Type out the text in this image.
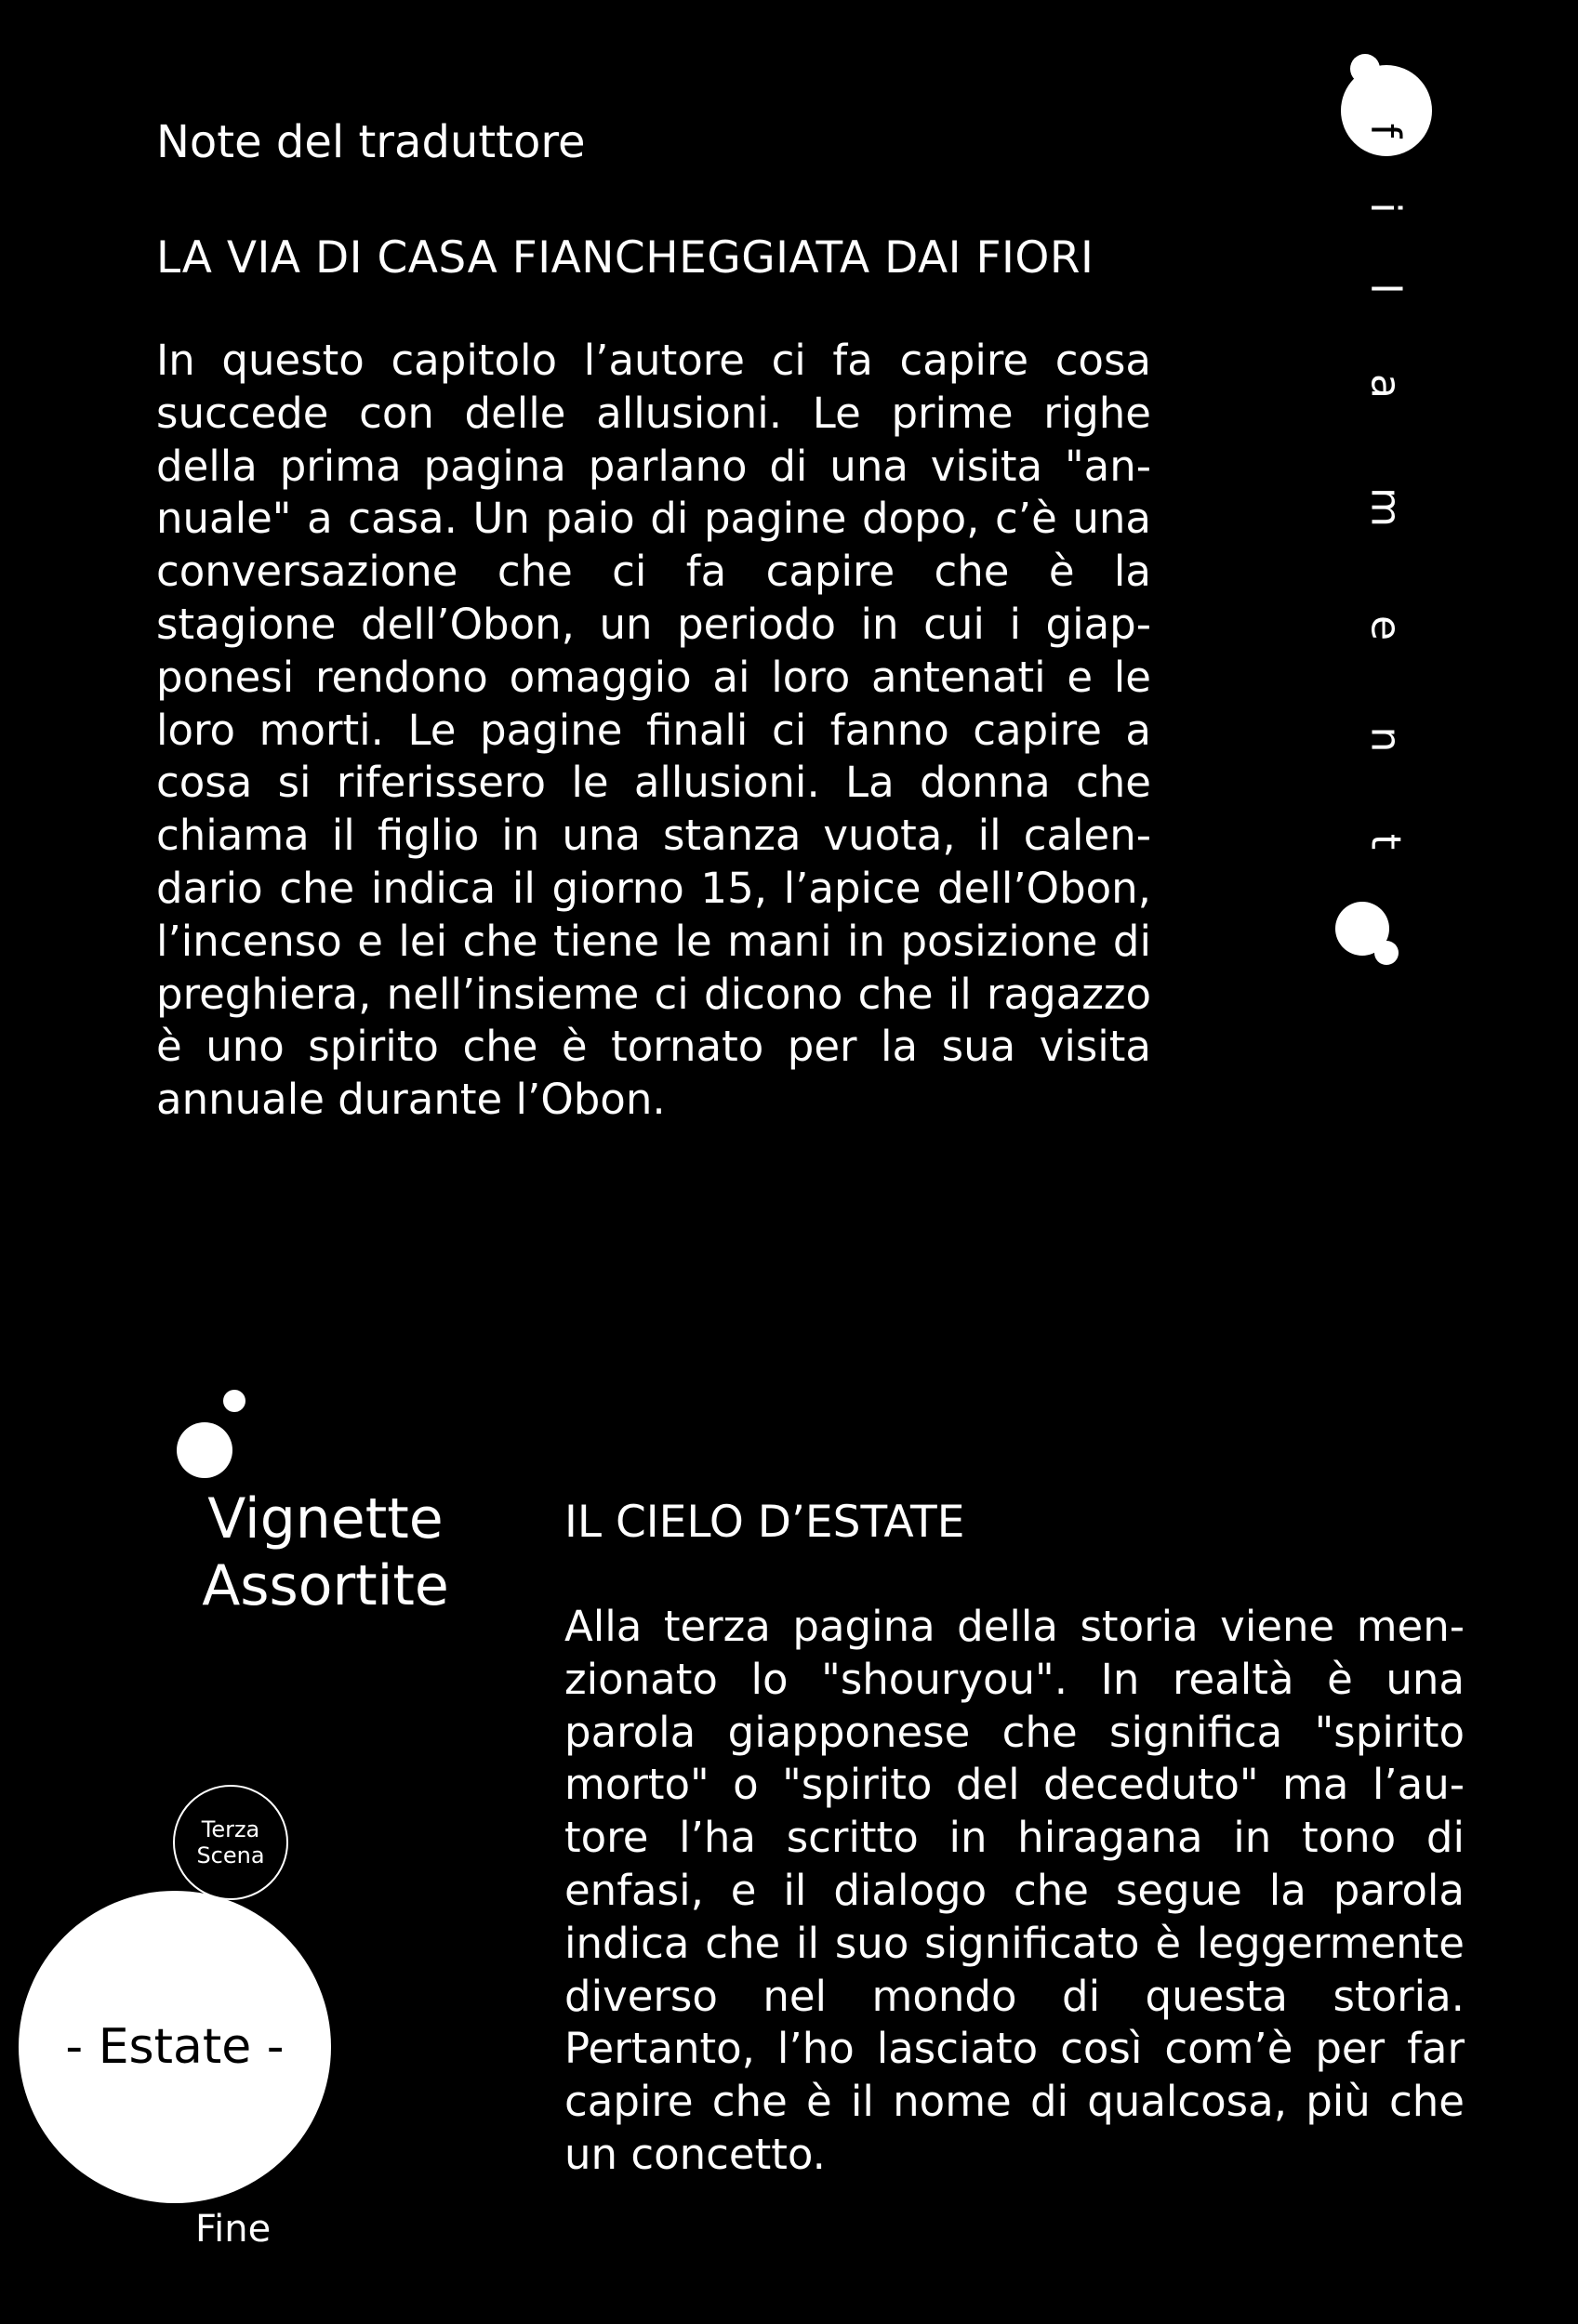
Note del traduttore
LA VIA DI CASA FIANCHEGGIATA DAI FIORI
In questo capitolo l’autore ci fa capire cosa succede con delle allusioni. Le prime righe della prima pagina parlano di una visita "annuale" a casa. Un paio di pagine dopo, c’è una conversazione che ci fa capire che è la stagione dell’Obon, un periodo in cui i giapponesi rendono omaggio ai loro antenati e le loro morti. Le pagine finali ci fanno capire a cosa si riferissero le allusioni. La donna che chiama il figlio in una stanza vuota, il calendario che indica il giorno 15, l’apice dell’Obon, l’incenso e lei che tiene le mani in posizione di preghiera, nell’insieme ci dicono che il ragazzo è uno spirito che è tornato per la sua visita annuale durante l’Obon.
f
i
l
a
m
e
n
t
Vignette
Assortite
Terza
Scena
- Estate -
Fine
IL CIELO D’ESTATE
Alla terza pagina della storia viene menzionato lo "shouryou". In realtà è una parola giapponese che significa "spirito morto" o "spirito del deceduto" ma l’autore l’ha scritto in hiragana in tono di enfasi, e il dialogo che segue la parola indica che il suo significato è leggermente diverso nel mondo di questa storia. Pertanto, l’ho lasciato così com’è per far capire che è il nome di qualcosa, più che un concetto.
